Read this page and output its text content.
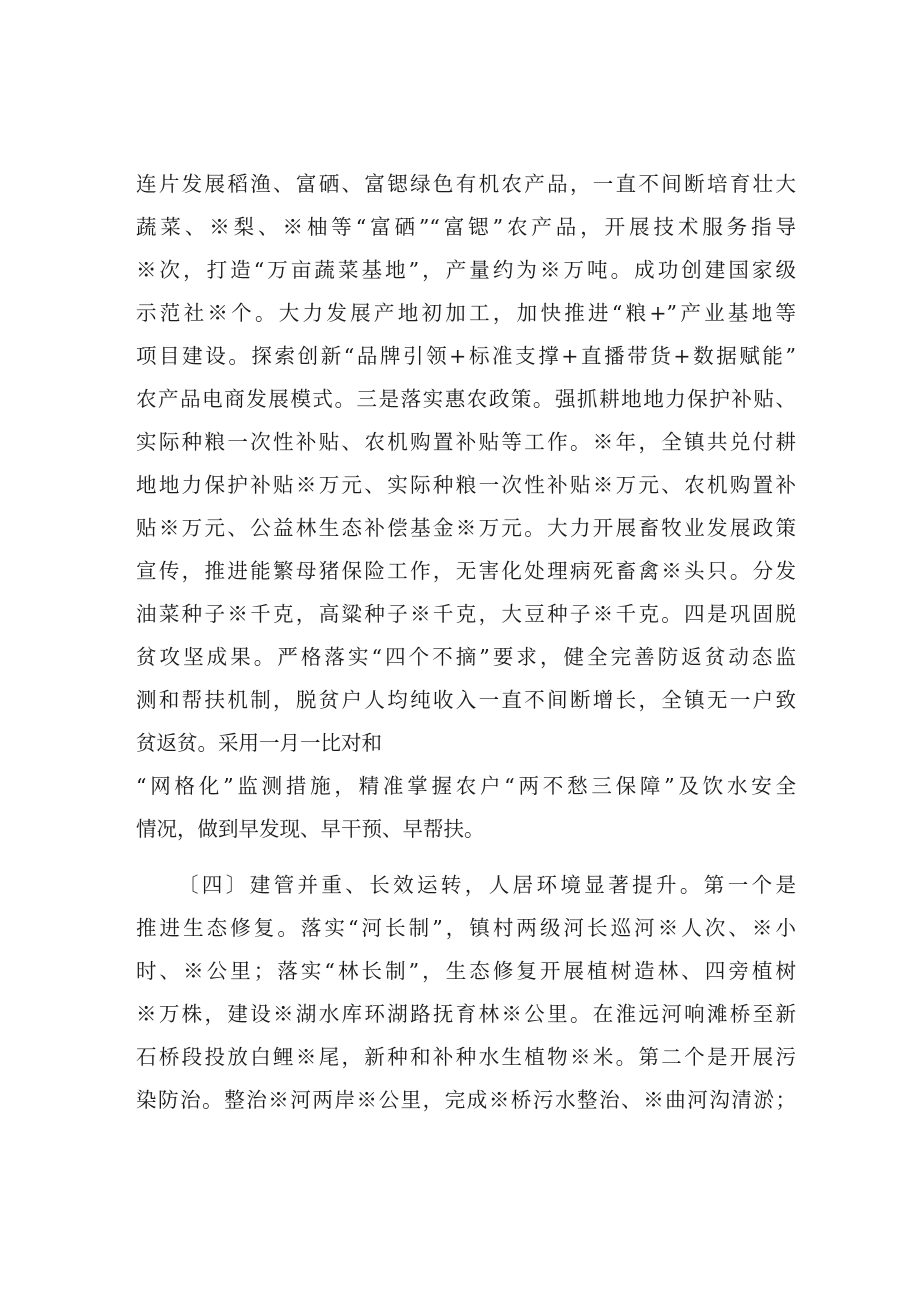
连片发展稻渔、富硒、富锶绿色有机农产品，一直不间断培育壮大
蔬菜、※梨、※柚等“富硒”“富锶”农产品，开展技术服务指导
※次，打造“万亩蔬菜基地”，产量约为※万吨。成功创建国家级
示范社※个。大力发展产地初加工，加快推进“粮+”产业基地等
项目建设。探索创新“品牌引领+标准支撑+直播带货+数据赋能”
农产品电商发展模式。三是落实惠农政策。强抓耕地地力保护补贴、
实际种粮一次性补贴、农机购置补贴等工作。※年，全镇共兑付耕
地地力保护补贴※万元、实际种粮一次性补贴※万元、农机购置补
贴※万元、公益林生态补偿基金※万元。大力开展畜牧业发展政策
宣传，推进能繁母猪保险工作，无害化处理病死畜禽※头只。分发
油菜种子※千克，高粱种子※千克，大豆种子※千克。四是巩固脱
贫攻坚成果。严格落实“四个不摘”要求，健全完善防返贫动态监
测和帮扶机制，脱贫户人均纯收入一直不间断增长，全镇无一户致
贫返贫。采用一月一比对和
“网格化”监测措施，精准掌握农户“两不愁三保障”及饮水安全
情况，做到早发现、早干预、早帮扶。
〔四〕建管并重、长效运转，人居环境显著提升。第一个是
推进生态修复。落实“河长制”，镇村两级河长巡河※人次、※小
时、※公里；落实“林长制”，生态修复开展植树造林、四旁植树
※万株，建设※湖水库环湖路抚育林※公里。在淮远河响滩桥至新
石桥段投放白鲤※尾，新种和补种水生植物※米。第二个是开展污
染防治。整治※河两岸※公里，完成※桥污水整治、※曲河沟清淤；
